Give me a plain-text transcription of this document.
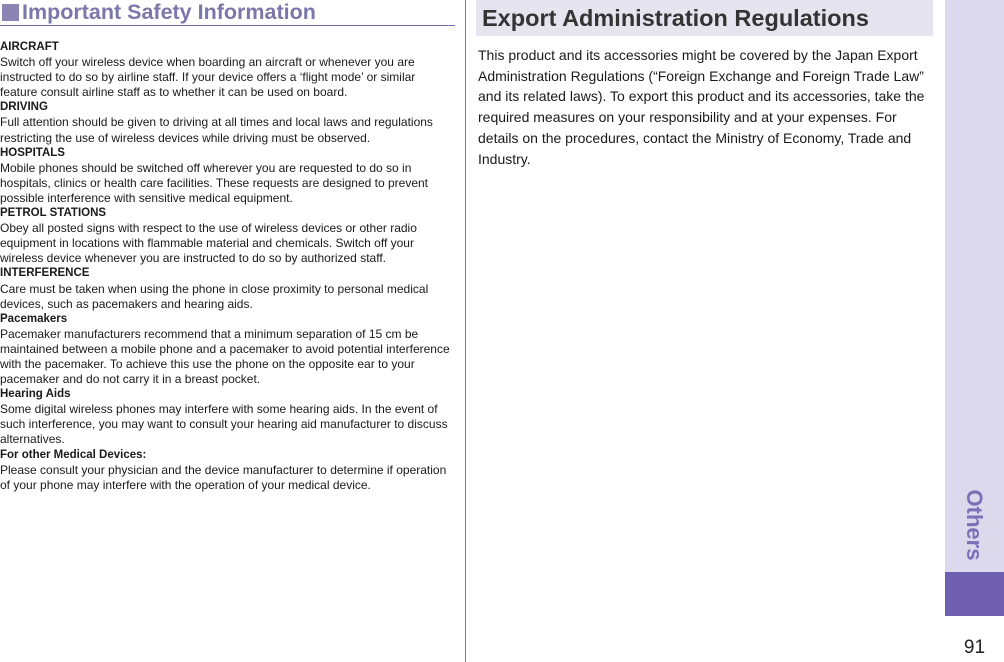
Important Safety Information
AIRCRAFT
Switch off your wireless device when boarding an aircraft or whenever you are instructed to do so by airline staff. If your device offers a ‘flight mode’ or similar feature consult airline staff as to whether it can be used on board.
DRIVING
Full attention should be given to driving at all times and local laws and regulations restricting the use of wireless devices while driving must be observed.
HOSPITALS
Mobile phones should be switched off wherever you are requested to do so in hospitals, clinics or health care facilities. These requests are designed to prevent possible interference with sensitive medical equipment.
PETROL STATIONS
Obey all posted signs with respect to the use of wireless devices or other radio equipment in locations with flammable material and chemicals. Switch off your wireless device whenever you are instructed to do so by authorized staff.
INTERFERENCE
Care must be taken when using the phone in close proximity to personal medical devices, such as pacemakers and hearing aids.
Pacemakers
Pacemaker manufacturers recommend that a minimum separation of 15 cm be maintained between a mobile phone and a pacemaker to avoid potential interference with the pacemaker. To achieve this use the phone on the opposite ear to your pacemaker and do not carry it in a breast pocket.
Hearing Aids
Some digital wireless phones may interfere with some hearing aids. In the event of such interference, you may want to consult your hearing aid manufacturer to discuss alternatives.
For other Medical Devices:
Please consult your physician and the device manufacturer to determine if operation of your phone may interfere with the operation of your medical device.
Export Administration Regulations
This product and its accessories might be covered by the Japan Export Administration Regulations (“Foreign Exchange and Foreign Trade Law” and its related laws). To export this product and its accessories, take the required measures on your responsibility and at your expenses. For details on the procedures, contact the Ministry of Economy, Trade and Industry.
Others
91
